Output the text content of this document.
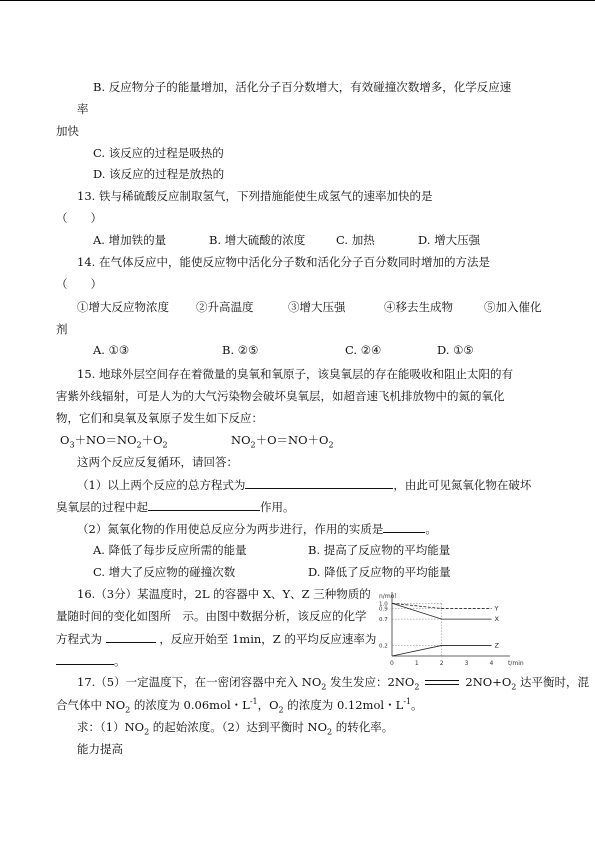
B. 反应物分子的能量增加，活化分子百分数增大，有效碰撞次数增多，化学反应速
率
加快
C. 该反应的过程是吸热的
D. 该反应的过程是放热的
13. 铁与稀硫酸反应制取氢气，下列措施能使生成氢气的速率加快的是
（　　）
A. 增加铁的量	B. 增大硫酸的浓度	C. 加热	D. 增大压强
14. 在气体反应中，能使反应物中活化分子数和活化分子百分数同时增加的方法是
（　　）
①增大反应物浓度 ②升高温度	③增大压强	④移去生成物	⑤加入催化
剂
A. ①③	B. ②⑤	C. ②④	D. ①⑤
15. 地球外层空间存在着微量的臭氧和氧原子，该臭氧层的存在能吸收和阻止太阳的有
害紫外线辐射，可是人为的大气污染物会破坏臭氧层，如超音速飞机排放物中的氮的氧化
物，它们和臭氧及氧原子发生如下反应：
$O_3+NO=NO_2+O_2$	$NO_2+O=NO+O_2$
这两个反应反复循环，请回答：
（1）以上两个反应的总方程式为	，由此可见氮氧化物在破坏
臭氧层的过程中起	作用。
（2）氮氧化物的作用使总反应分为两步进行，作用的实质是	。
A. 降低了每步反应所需的能量	B. 提高了反应物的平均能量
C. 增大了反应物的碰撞次数	D. 降低了反应物的平均能量
16.（3分）某温度时，2L 的容器中 X、Y、Z 三种物质的
量随时间的变化如图所　示。由图中数据分析，该反应的化学
方程式为	，反应开始至 1min，Z 的平均反应速率为
。	t/min
n/mol
0	1	2	3	4
1.0
0.9
0.7
0.2
Y
X
Z
17.（5）一定温度下，在一密闭容器中充入 $NO_2$ 发生发应：$2NO_2$	$2NO+O_2$ 达平衡时，混
合气体中 $NO_2$ 的浓度为 0.06mol・$L^{-1}$，$O_2$ 的浓度为 0.12mol・$L^{-1}$。
求：$(1)NO_2$ 的起始浓度。（2）达到平衡时 $NO_2$ 的转化率。
能力提高
